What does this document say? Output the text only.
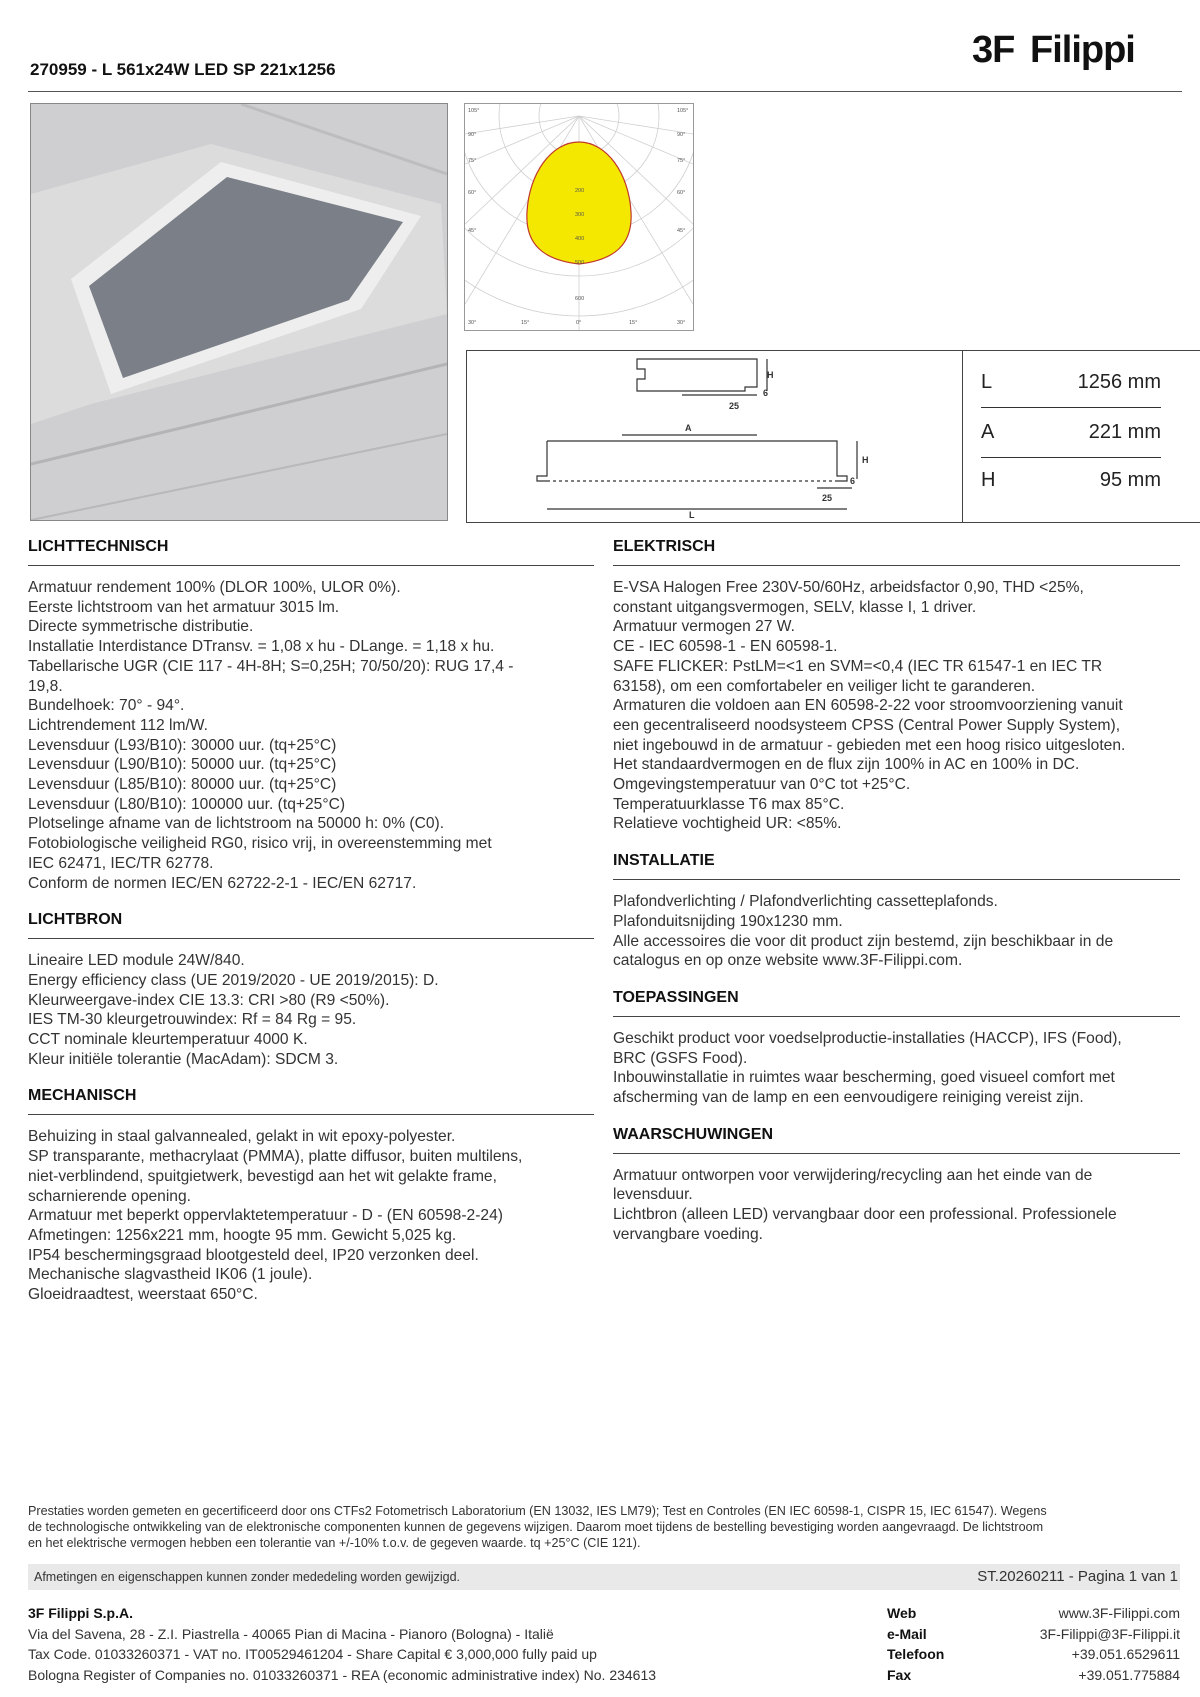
3F Filippi
270959 - L 561x24W LED SP 221x1256
105°
90°
75°
60°
45°
105°
90°
75°
60°
45°
30°	15°	0°	15°	30°
200
300
400
500
600
H
6
25
A
H
6
25
L
L	1256 mm
A	221 mm
H	95 mm
LICHTTECHNISCH
Armatuur rendement 100% (DLOR 100%, ULOR 0%).
Eerste lichtstroom van het armatuur 3015 lm.
Directe symmetrische distributie.
Installatie Interdistance DTransv. = 1,08 x hu - DLange. = 1,18 x hu.
Tabellarische UGR (CIE 117 - 4H-8H; S=0,25H; 70/50/20): RUG 17,4 -
19,8.
Bundelhoek: 70° - 94°.
Lichtrendement 112 lm/W.
Levensduur (L93/B10): 30000 uur. (tq+25°C)
Levensduur (L90/B10): 50000 uur. (tq+25°C)
Levensduur (L85/B10): 80000 uur. (tq+25°C)
Levensduur (L80/B10): 100000 uur. (tq+25°C)
Plotselinge afname van de lichtstroom na 50000 h: 0% (C0).
Fotobiologische veiligheid RG0, risico vrij, in overeenstemming met
IEC 62471, IEC/TR 62778.
Conform de normen IEC/EN 62722-2-1 - IEC/EN 62717.
LICHTBRON
Lineaire LED module 24W/840.
Energy efficiency class (UE 2019/2020 - UE 2019/2015): D.
Kleurweergave-index CIE 13.3: CRI >80 (R9 <50%).
IES TM-30 kleurgetrouwindex: Rf = 84 Rg = 95.
CCT nominale kleurtemperatuur 4000 K.
Kleur initiële tolerantie (MacAdam): SDCM 3.
MECHANISCH
Behuizing in staal galvannealed, gelakt in wit epoxy-polyester.
SP transparante, methacrylaat (PMMA), platte diffusor, buiten multilens,
niet-verblindend, spuitgietwerk, bevestigd aan het wit gelakte frame,
scharnierende opening.
Armatuur met beperkt oppervlaktetemperatuur - D - (EN 60598-2-24)
Afmetingen: 1256x221 mm, hoogte 95 mm. Gewicht 5,025 kg.
IP54 beschermingsgraad blootgesteld deel, IP20 verzonken deel.
Mechanische slagvastheid IK06 (1 joule).
Gloeidraadtest, weerstaat 650°C.
ELEKTRISCH
E-VSA Halogen Free 230V-50/60Hz, arbeidsfactor 0,90, THD <25%,
constant uitgangsvermogen, SELV, klasse I, 1 driver.
Armatuur vermogen 27 W.
CE - IEC 60598-1 - EN 60598-1.
SAFE FLICKER: PstLM=<1 en SVM=<0,4 (IEC TR 61547-1 en IEC TR
63158), om een comfortabeler en veiliger licht te garanderen.
Armaturen die voldoen aan EN 60598-2-22 voor stroomvoorziening vanuit
een gecentraliseerd noodsysteem CPSS (Central Power Supply System),
niet ingebouwd in de armatuur - gebieden met een hoog risico uitgesloten.
Het standaardvermogen en de flux zijn 100% in AC en 100% in DC.
Omgevingstemperatuur van 0°C tot +25°C.
Temperatuurklasse T6 max 85°C.
Relatieve vochtigheid UR: <85%.
INSTALLATIE
Plafondverlichting / Plafondverlichting cassetteplafonds.
Plafonduitsnijding 190x1230 mm.
Alle accessoires die voor dit product zijn bestemd, zijn beschikbaar in de
catalogus en op onze website www.3F-Filippi.com.
TOEPASSINGEN
Geschikt product voor voedselproductie-installaties (HACCP), IFS (Food),
BRC (GSFS Food).
Inbouwinstallatie in ruimtes waar bescherming, goed visueel comfort met
afscherming van de lamp en een eenvoudigere reiniging vereist zijn.
WAARSCHUWINGEN
Armatuur ontworpen voor verwijdering/recycling aan het einde van de
levensduur.
Lichtbron (alleen LED) vervangbaar door een professional. Professionele
vervangbare voeding.
Prestaties worden gemeten en gecertificeerd door ons CTFs2 Fotometrisch Laboratorium (EN 13032, IES LM79); Test en Controles (EN IEC 60598-1, CISPR 15, IEC 61547). Wegens
de technologische ontwikkeling van de elektronische componenten kunnen de gegevens wijzigen. Daarom moet tijdens de bestelling bevestiging worden aangevraagd. De lichtstroom
en het elektrische vermogen hebben een tolerantie van +/-10% t.o.v. de gegeven waarde. tq +25°C (CIE 121).
Afmetingen en eigenschappen kunnen zonder mededeling worden gewijzigd.	ST.20260211 - Pagina 1 van 1
3F Filippi S.p.A.
Via del Savena, 28 - Z.I. Piastrella - 40065 Pian di Macina - Pianoro (Bologna) - Italië
Tax Code. 01033260371 - VAT no. IT00529461204 - Share Capital € 3,000,000 fully paid up
Bologna Register of Companies no. 01033260371 - REA (economic administrative index) No. 234613
Web	www.3F-Filippi.com
e-Mail	3F-Filippi@3F-Filippi.it
Telefoon	+39.051.6529611
Fax	+39.051.775884
